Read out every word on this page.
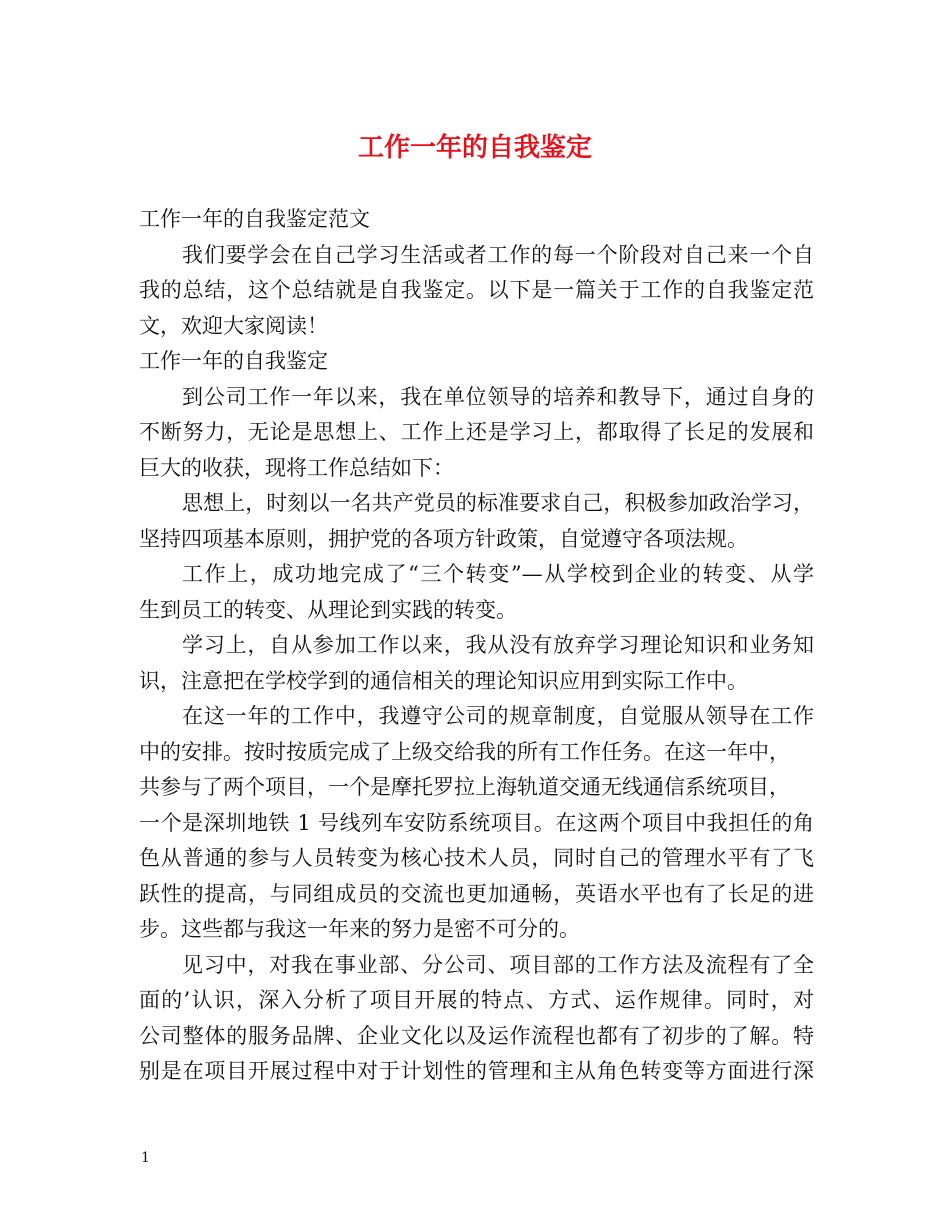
工作一年的自我鉴定
工作一年的自我鉴定范文
我们要学会在自己学习生活或者工作的每一个阶段对自己来一个自
我的总结，这个总结就是自我鉴定。以下是一篇关于工作的自我鉴定范
文，欢迎大家阅读！
工作一年的自我鉴定
到公司工作一年以来，我在单位领导的培养和教导下，通过自身的
不断努力，无论是思想上、工作上还是学习上，都取得了长足的发展和
巨大的收获，现将工作总结如下：
思想上，时刻以一名共产党员的标准要求自己，积极参加政治学习，
坚持四项基本原则，拥护党的各项方针政策，自觉遵守各项法规。
工作上，成功地完成了“三个转变”—从学校到企业的转变、从学
生到员工的转变、从理论到实践的转变。
学习上，自从参加工作以来，我从没有放弃学习理论知识和业务知
识，注意把在学校学到的通信相关的理论知识应用到实际工作中。
在这一年的工作中，我遵守公司的规章制度，自觉服从领导在工作
中的安排。按时按质完成了上级交给我的所有工作任务。在这一年中，
共参与了两个项目，一个是摩托罗拉上海轨道交通无线通信系统项目，
一个是深圳地铁 1 号线列车安防系统项目。在这两个项目中我担任的角
色从普通的参与人员转变为核心技术人员，同时自己的管理水平有了飞
跃性的提高，与同组成员的交流也更加通畅，英语水平也有了长足的进
步。这些都与我这一年来的努力是密不可分的。
见习中，对我在事业部、分公司、项目部的工作方法及流程有了全
面的’认识，深入分析了项目开展的特点、方式、运作规律。同时，对
公司整体的服务品牌、企业文化以及运作流程也都有了初步的了解。特
别是在项目开展过程中对于计划性的管理和主从角色转变等方面进行深
1
